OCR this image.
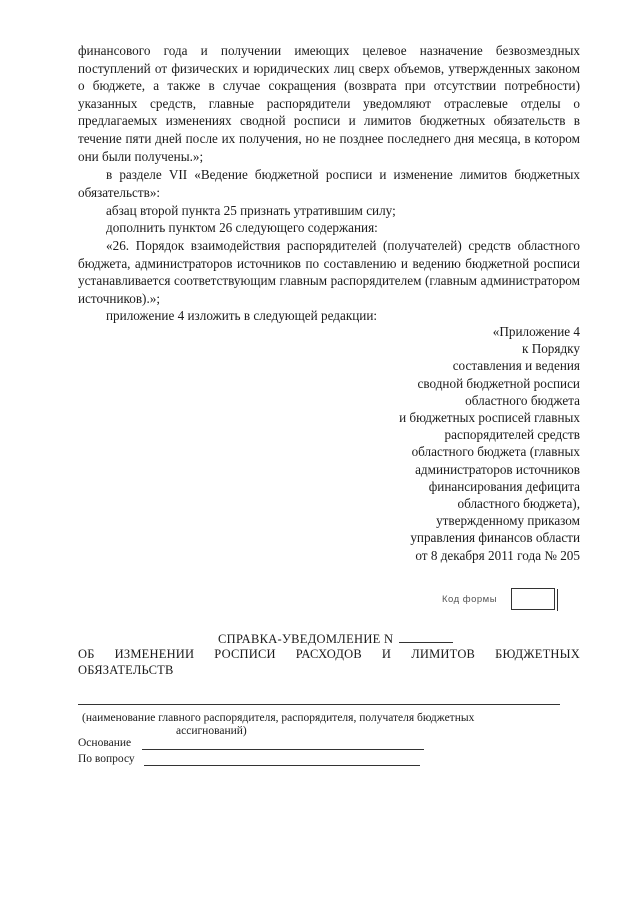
финансового года и получении имеющих целевое назначение безвозмездных поступлений от физических и юридических лиц сверх объемов, утвержденных законом о бюджете, а также в случае сокращения (возврата при отсутствии потребности) указанных средств, главные распорядители уведомляют отраслевые отделы о предлагаемых изменениях сводной росписи и лимитов бюджетных обязательств в течение пяти дней после их получения, но не позднее последнего дня месяца, в котором они были получены.»;

в разделе VII «Ведение бюджетной росписи и изменение лимитов бюджетных обязательств»:

абзац второй пункта 25 признать утратившим силу;

дополнить пунктом 26 следующего содержания:

«26. Порядок взаимодействия распорядителей (получателей) средств областного бюджета, администраторов источников по составлению и ведению бюджетной росписи устанавливается соответствующим главным распорядителем (главным администратором источников).»;

приложение 4 изложить в следующей редакции:

«Приложение 4
к Порядку
составления и ведения
сводной бюджетной росписи
областного бюджета
и бюджетных росписей главных
распорядителей средств
областного бюджета (главных
администраторов источников
финансирования дефицита
областного бюджета),
утвержденному приказом
управления финансов области
от 8 декабря 2011 года № 205
Код формы
СПРАВКА-УВЕДОМЛЕНИЕ N
ОБ ИЗМЕНЕНИИ РОСПИСИ РАСХОДОВ И ЛИМИТОВ БЮДЖЕТНЫХ
ОБЯЗАТЕЛЬСТВ
(наименование главного распорядителя, распорядителя, получателя бюджетных
ассигнований)
Основание
По вопросу
